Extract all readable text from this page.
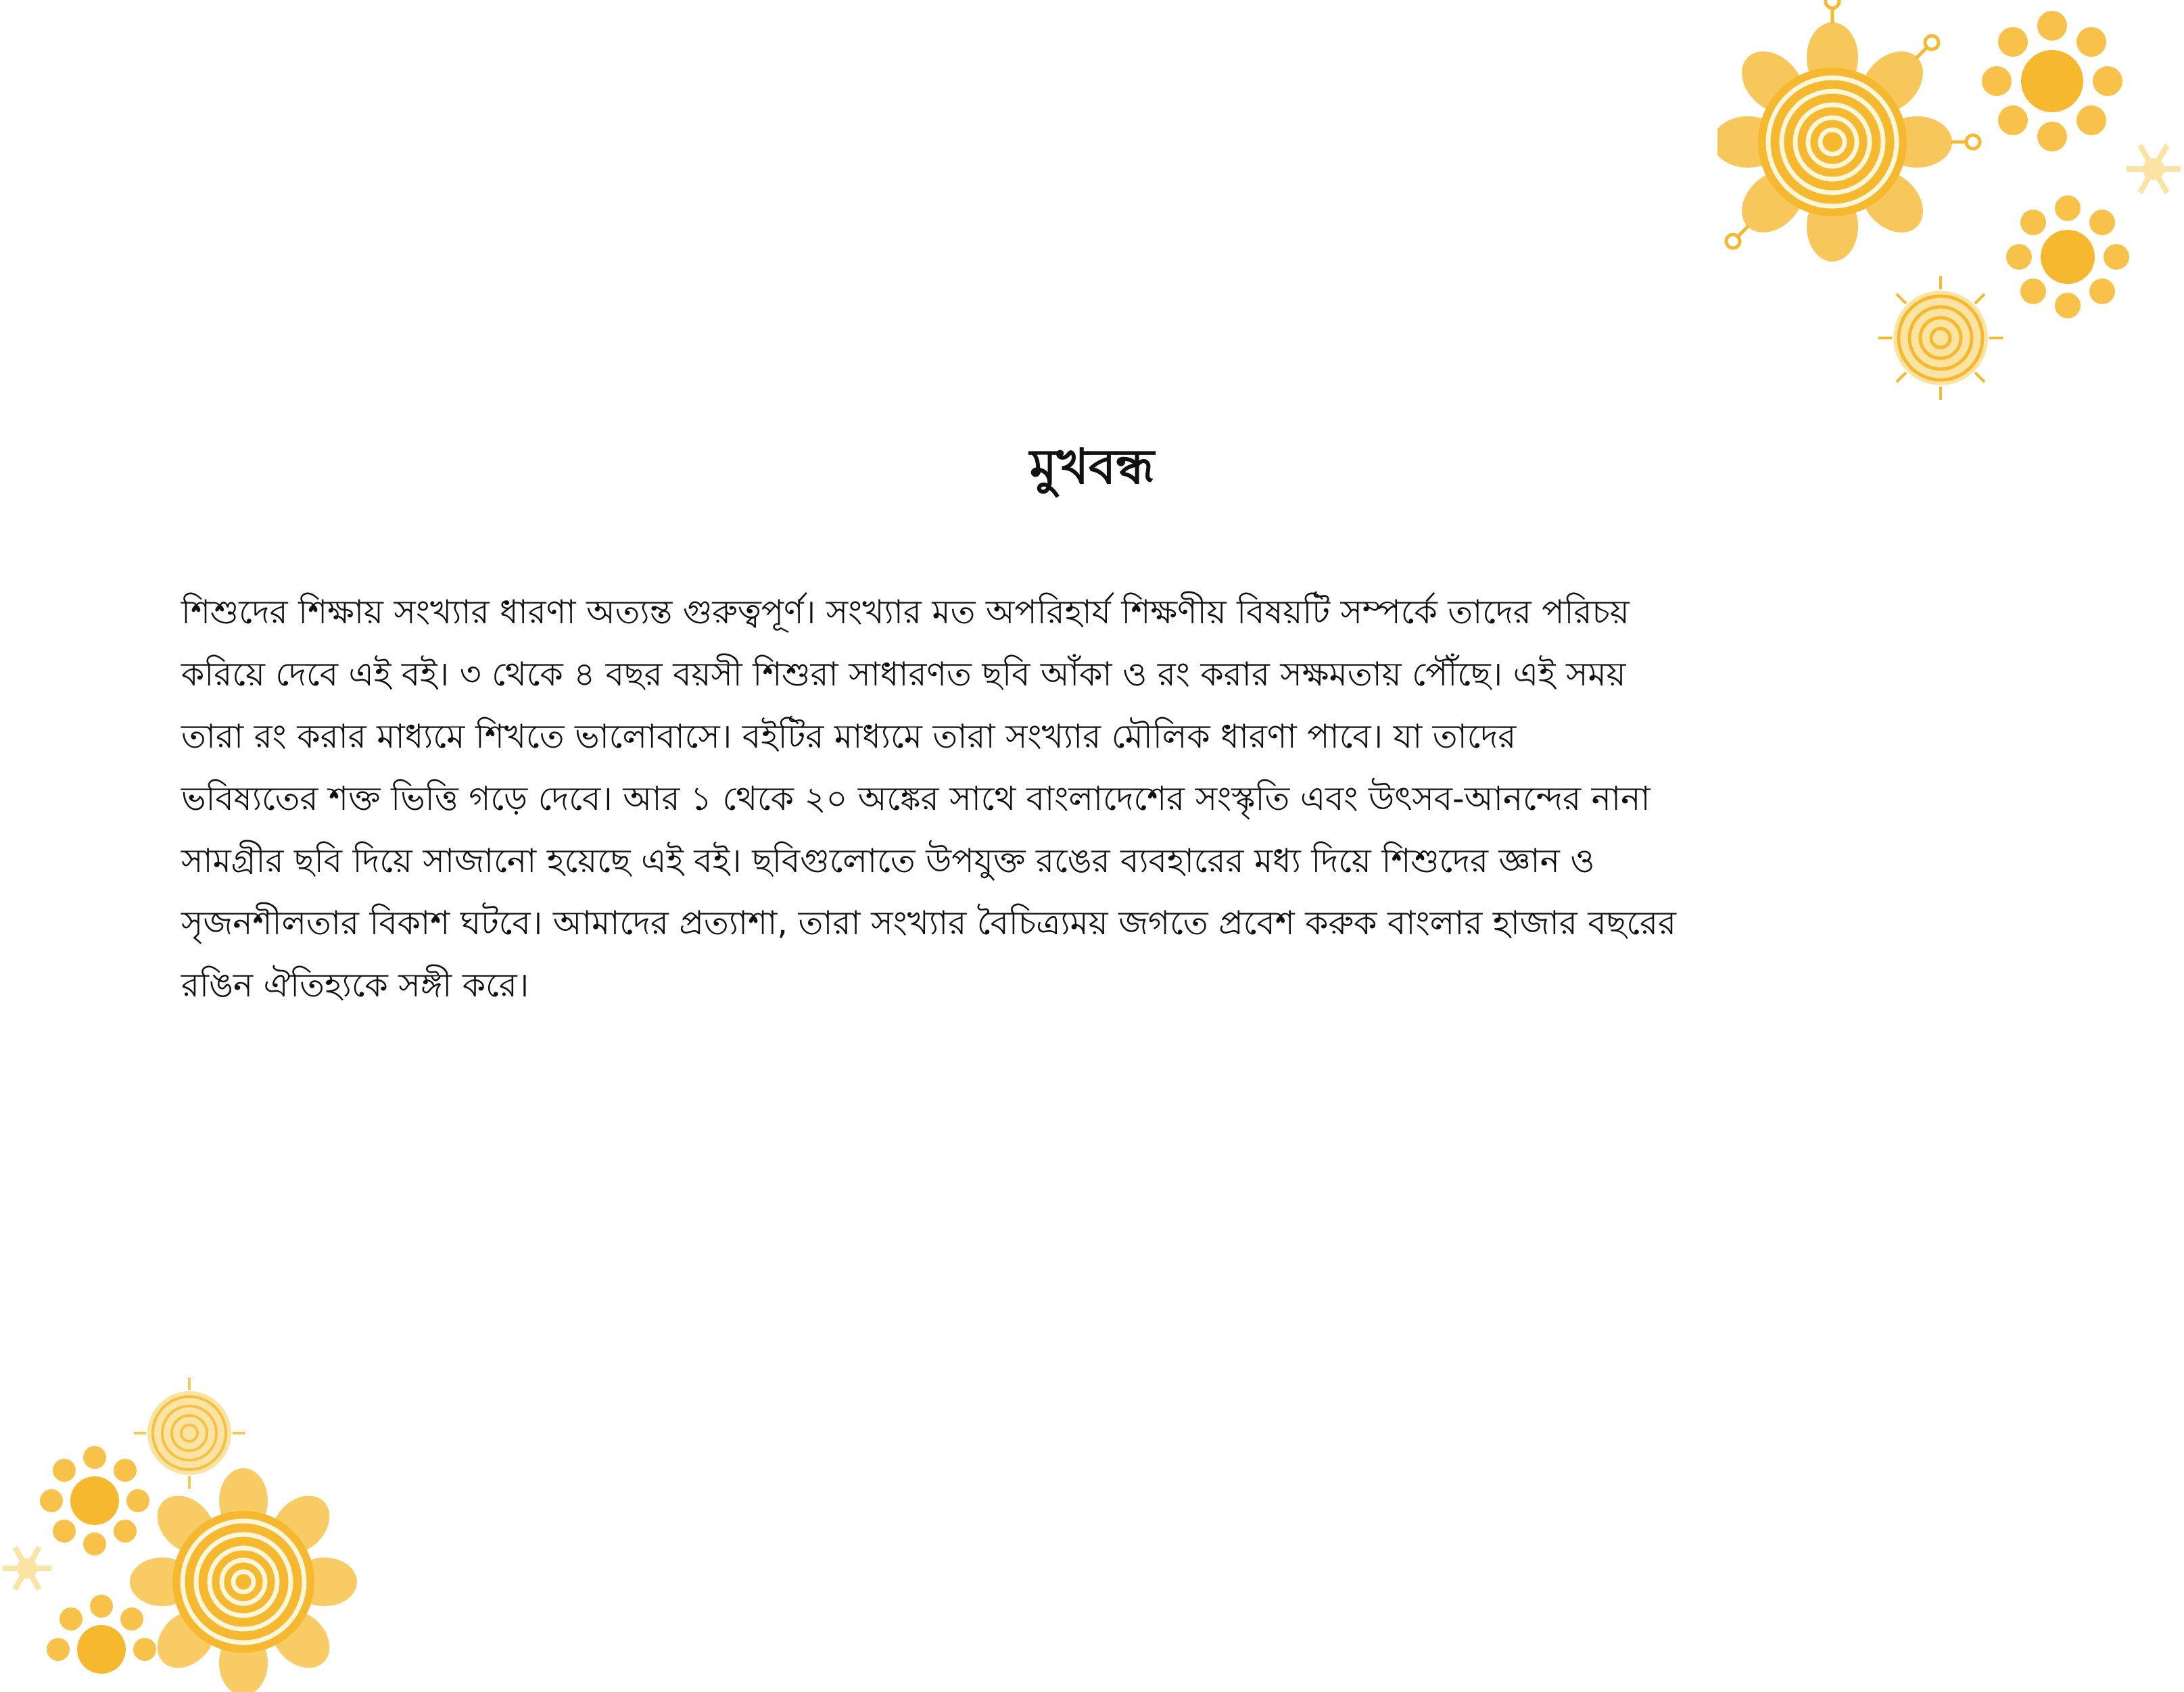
মুখবন্ধ

শিশুদের শিক্ষায় সংখ্যার ধারণা অত্যন্ত গুরুত্বপূর্ণ। সংখ্যার মত অপরিহার্য শিক্ষণীয় বিষয়টি সম্পর্কে তাদের পরিচয়
করিয়ে দেবে এই বই। ৩ থেকে ৪ বছর বয়সী শিশুরা সাধারণত ছবি আঁকা ও রং করার সক্ষমতায় পৌঁছে। এই সময়
তারা রং করার মাধ্যমে শিখতে ভালোবাসে। বইটির মাধ্যমে তারা সংখ্যার মৌলিক ধারণা পাবে। যা তাদের
ভবিষ্যতের শক্ত ভিত্তি গড়ে দেবে। আর ১ থেকে ২০ অঙ্কের সাথে বাংলাদেশের সংস্কৃতি এবং উৎসব-আনন্দের নানা
সামগ্রীর ছবি দিয়ে সাজানো হয়েছে এই বই। ছবিগুলোতে উপযুক্ত রঙের ব্যবহারের মধ্য দিয়ে শিশুদের জ্ঞান ও
সৃজনশীলতার বিকাশ ঘটবে। আমাদের প্রত্যাশা, তারা সংখ্যার বৈচিত্র্যময় জগতে প্রবেশ করুক বাংলার হাজার বছরের
রঙিন ঐতিহ্যকে সঙ্গী করে।
